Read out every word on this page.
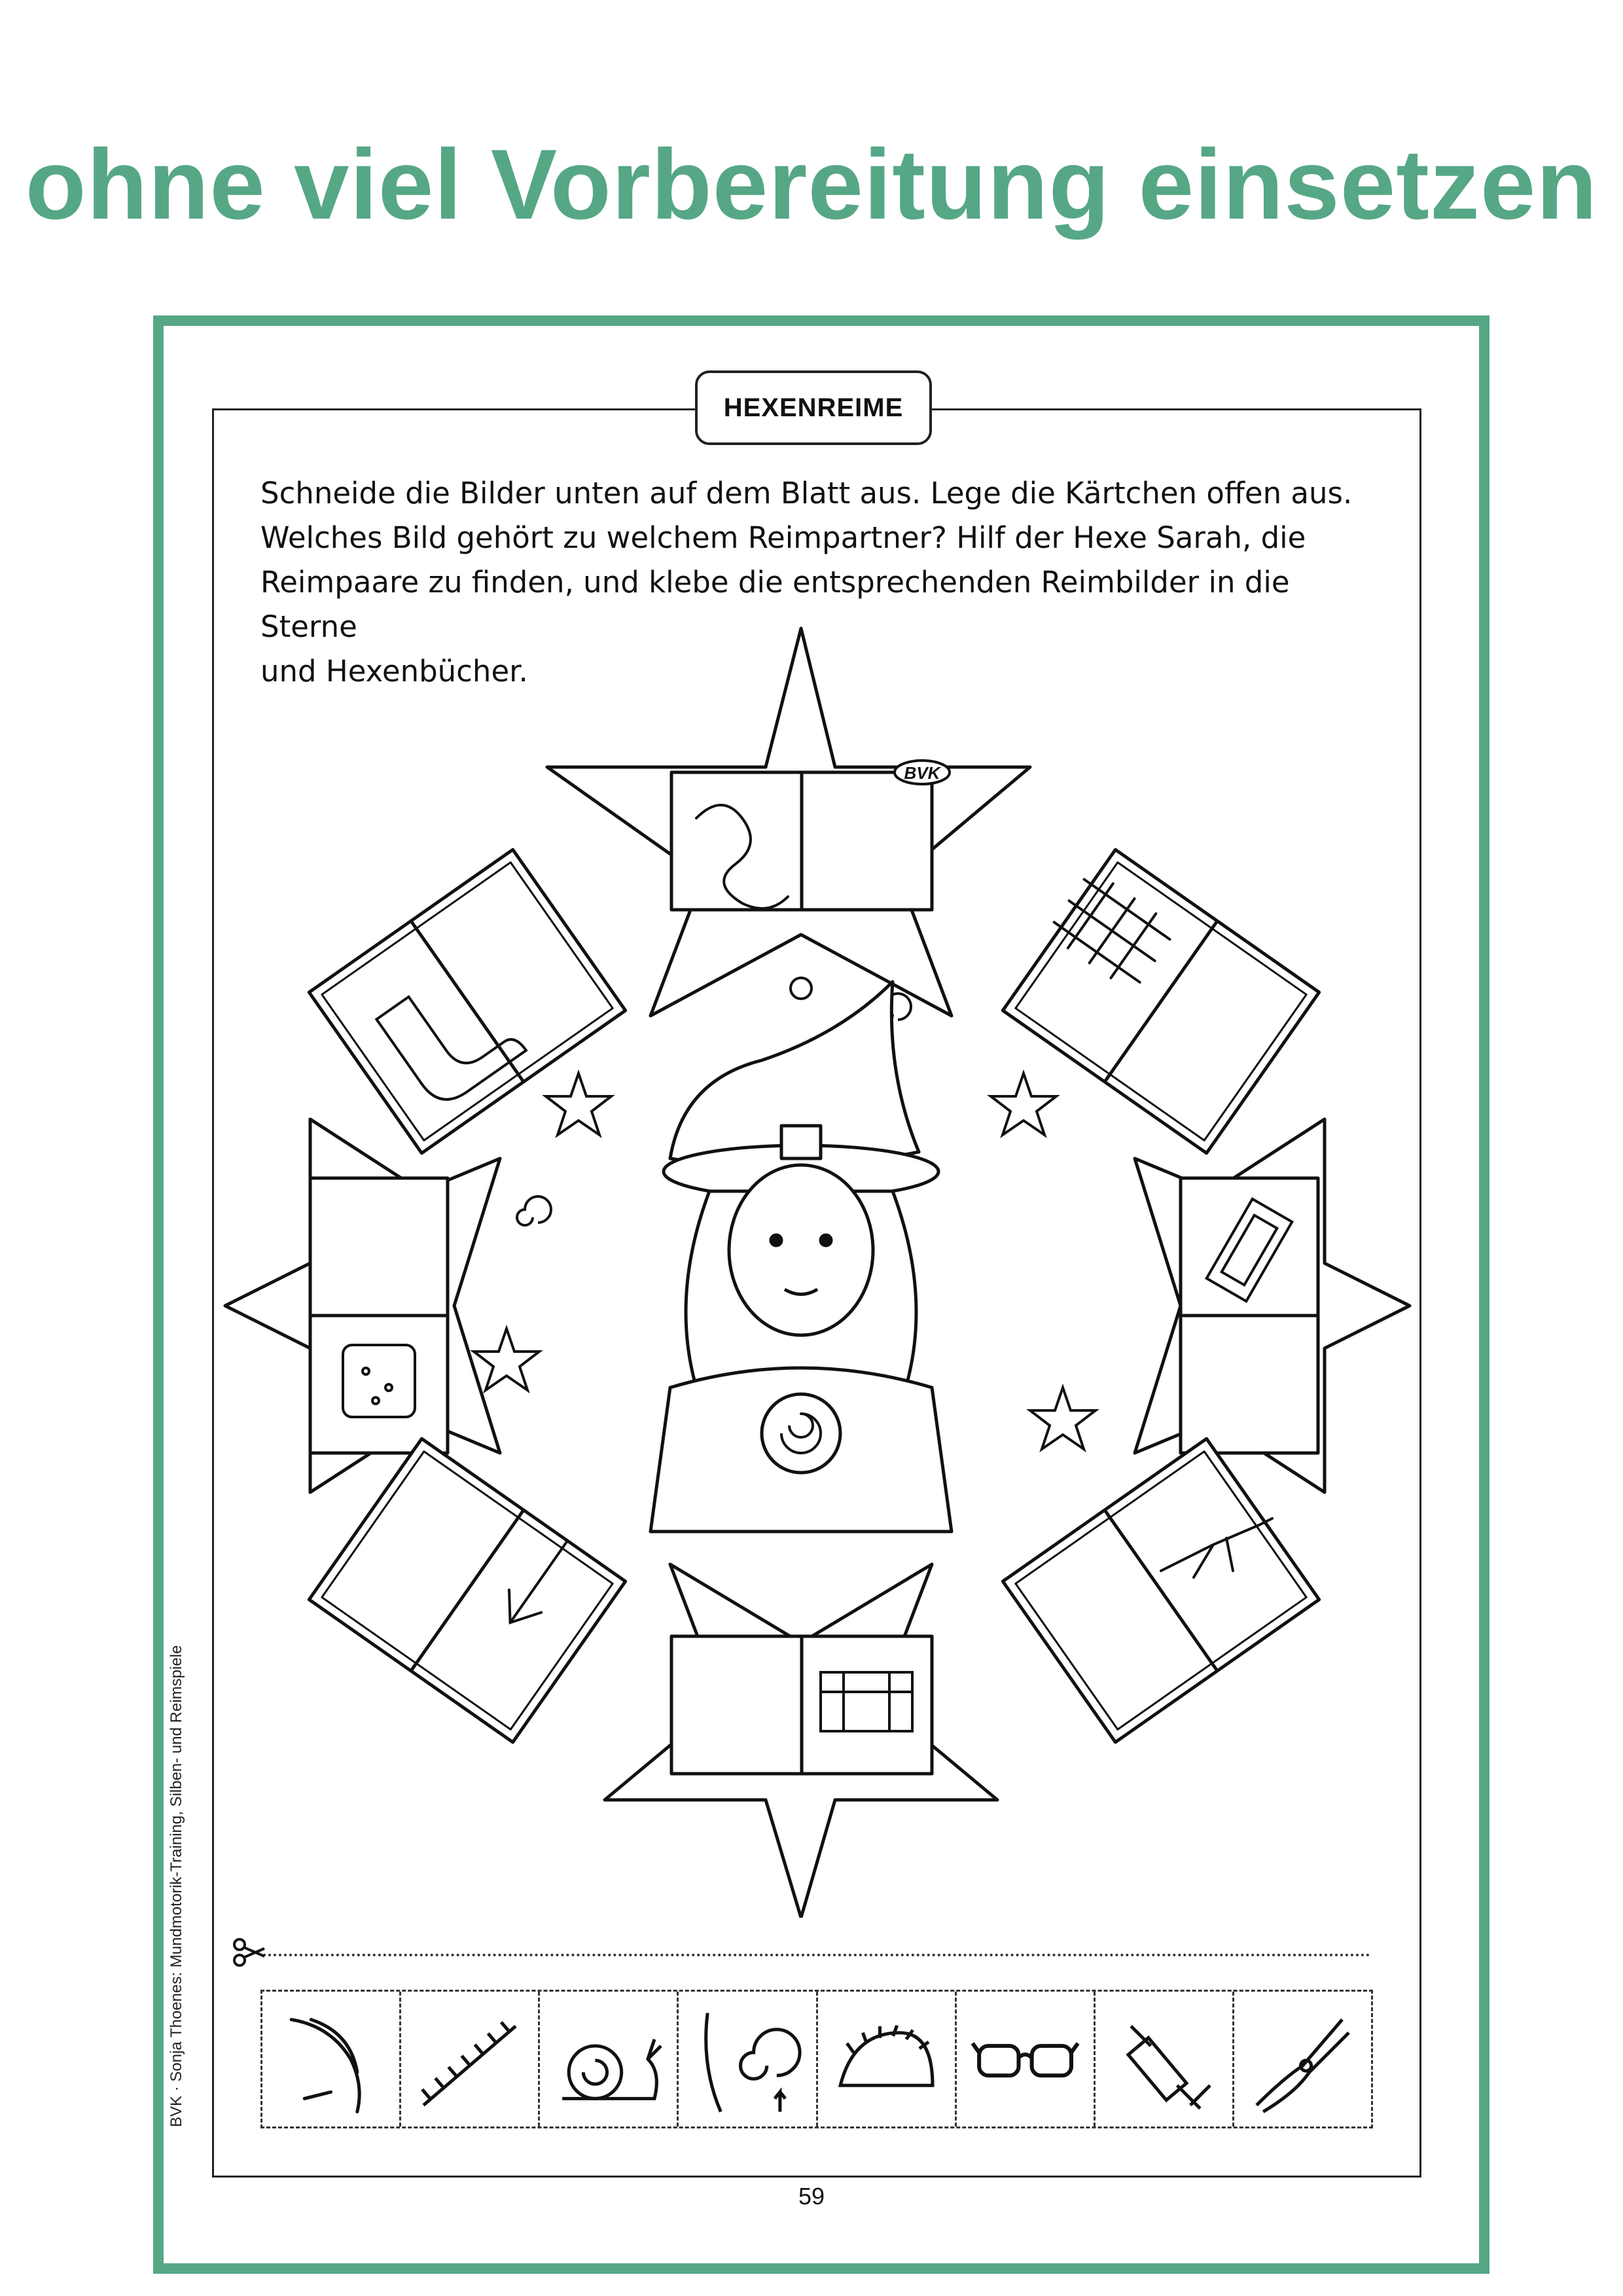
ohne viel Vorbereitung einsetzen
HEXENREIME

Schneide die Bilder unten auf dem Blatt aus. Lege die Kärtchen offen aus.

Welches Bild gehört zu welchem Reimpartner? Hilf der Hexe Sarah, die

Reimpaare zu finden, und klebe die entsprechenden Reimbilder in die Sterne

und Hexenbücher.

BVK
59
BVK · Sonja Thoenes: Mundmotorik-Training, Silben- und Reimspiele
